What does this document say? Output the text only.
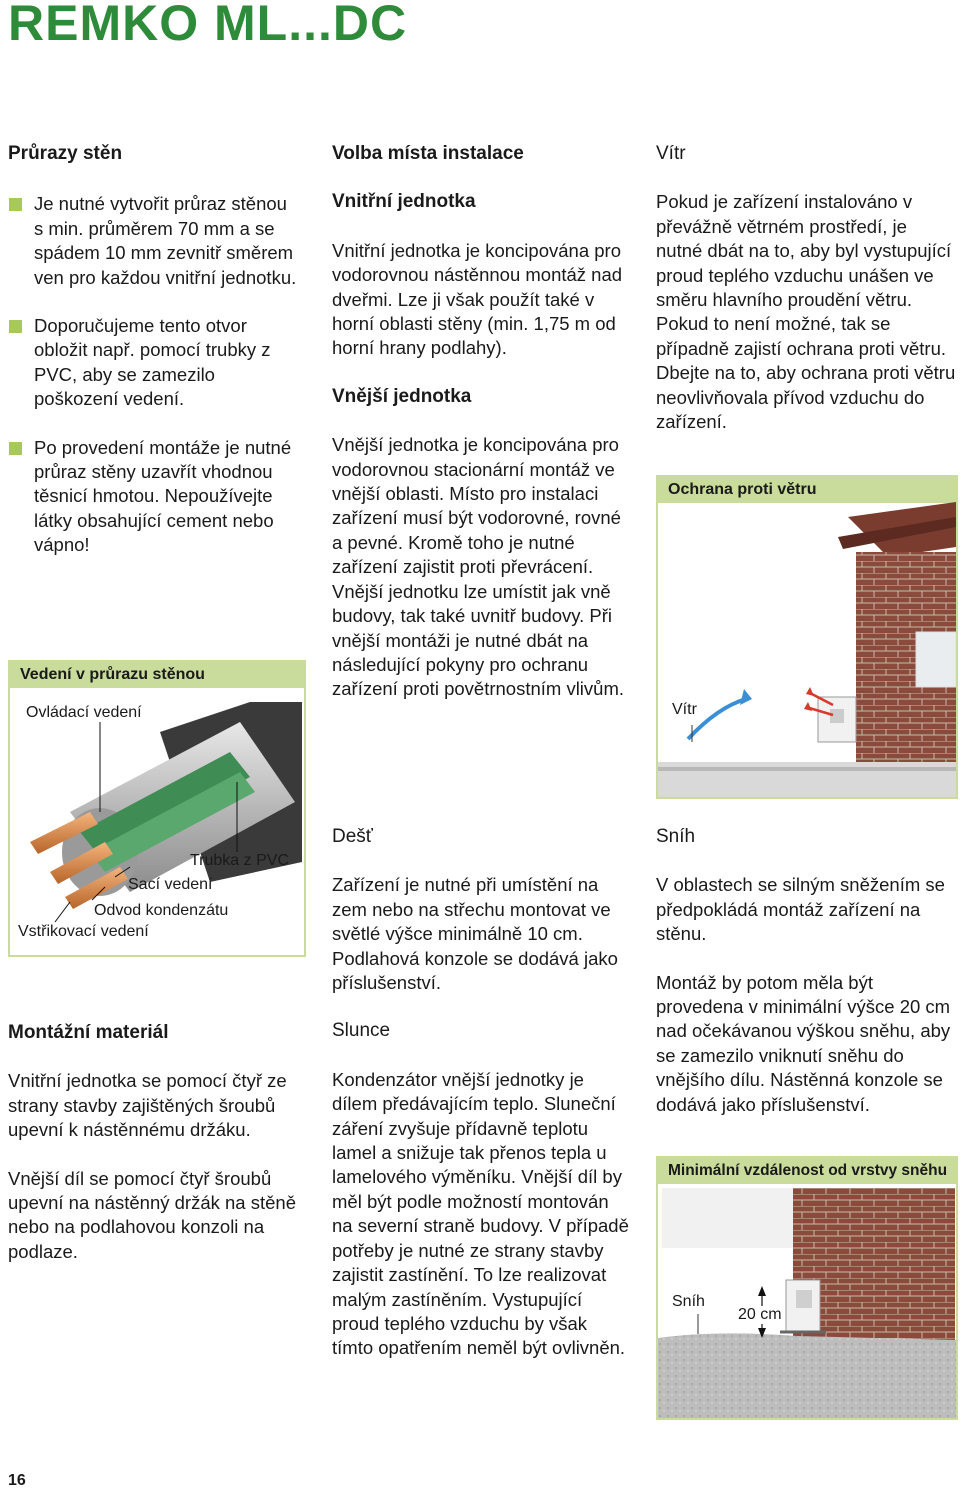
REMKO ML...DC
Průrazy stěn

Je nutné vytvořit průraz stěnou s min. průměrem 70 mm a se spádem 10 mm zevnitř směrem ven pro každou vnitřní jednotku.

Doporučujeme tento otvor obložit např. pomocí trubky z PVC, aby se zamezilo poškození vedení.

Po provedení montáže je nutné průraz stěny uzavřít vhodnou těsnicí hmotou. Nepoužívejte látky obsahující cement nebo vápno!

Vedení v průrazu stěnou
Ovládací vedení
Trubka z PVC
Sací vedení
Odvod kondenzátu
Vstřikovací vedení
Montážní materiál

Vnitřní jednotka se pomocí čtyř ze strany stavby zajištěných šroubů upevní k nástěnnému držáku.

Vnější díl se pomocí čtyř šroubů upevní na nástěnný držák na stěně nebo na podlahovou konzoli na podlaze.

Volba místa instalace
Vnitřní jednotka

Vnitřní jednotka je koncipována pro vodorovnou nástěnnou montáž nad dveřmi. Lze ji však použít také v horní oblasti stěny (min. 1,75 m od horní hrany podlahy).

Vnější jednotka

Vnější jednotka je koncipována pro vodorovnou stacionární montáž ve vnější oblasti. Místo pro instalaci zařízení musí být vodorovné, rovné a pevné. Kromě toho je nutné zařízení zajistit proti převrácení. Vnější jednotku lze umístit jak vně budovy, tak také uvnitř budovy. Při vnější montáži je nutné dbát na následující pokyny pro ochranu zařízení proti povětrnostním vlivům.

Dešť

Zařízení je nutné při umístění na zem nebo na střechu montovat ve světlé výšce minimálně 10 cm. Podlahová konzole se dodává jako příslušenství.

Slunce

Kondenzátor vnější jednotky je dílem předávajícím teplo. Sluneční záření zvyšuje přídavně teplotu lamel a snižuje tak přenos tepla u lamelového výměníku. Vnější díl by měl být podle možností montován na severní straně budovy. V případě potřeby je nutné ze strany stavby zajistit zastínění. To lze realizovat malým zastíněním. Vystupující proud teplého vzduchu by však tímto opatřením neměl být ovlivněn.

Vítr

Pokud je zařízení instalováno v převážně větrném prostředí, je nutné dbát na to, aby byl vystupující proud teplého vzduchu unášen ve směru hlavního proudění větru. Pokud to není možné, tak se případně zajistí ochrana proti větru. Dbejte na to, aby ochrana proti větru neovlivňovala přívod vzduchu do zařízení.

Ochrana proti větru
Vítr
Sníh

V oblastech se silným sněžením se předpokládá montáž zařízení na stěnu.

Montáž by potom měla být provedena v minimální výšce 20 cm nad očekávanou výškou sněhu, aby se zamezilo vniknutí sněhu do vnějšího dílu. Nástěnná konzole se dodává jako příslušenství.

Minimální vzdálenost od vrstvy sněhu
Sníh
20 cm
16
